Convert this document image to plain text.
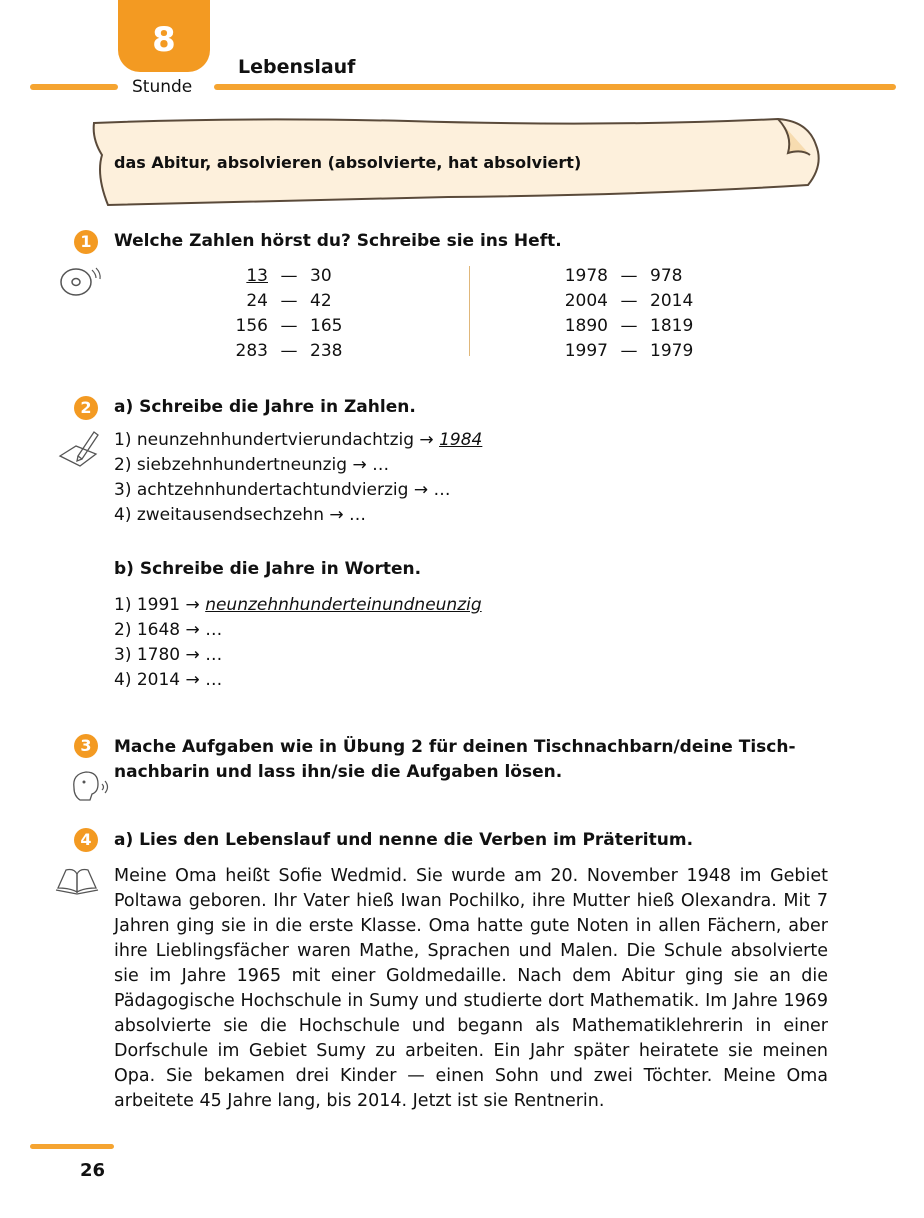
8
Stunde
Lebenslauf
das Abitur, absolvieren (absolvierte, hat absolviert)
1	Welche Zahlen hörst du? Schreibe sie ins Heft.
13 — 30
24 — 42
156 — 165
283 — 238
1978 — 978
2004 — 2014
1890 — 1819
1997 — 1979
2	a) Schreibe die Jahre in Zahlen.
1) neunzehnhundertvierundachtzig → 1984
2) siebzehnhundertneunzig → …
3) achtzehnhundertachtundvierzig → …
4) zweitausendsechzehn → …
b) Schreibe die Jahre in Worten.
1) 1991 → neunzehnhunderteinundneunzig
2) 1648 → …
3) 1780 → …
4) 2014 → …
3	Mache Aufgaben wie in Übung 2 für deinen Tischnachbarn/deine Tisch-
nachbarin und lass ihn/sie die Aufgaben lösen.
4	a) Lies den Lebenslauf und nenne die Verben im Präteritum.
Meine Oma heißt Sofie Wedmid. Sie wurde am 20. November 1948 im Gebiet Poltawa geboren. Ihr Vater hieß Iwan Pochilko, ihre Mutter hieß Olexandra. Mit 7 Jahren ging sie in die erste Klasse. Oma hatte gute Noten in allen Fächern, aber ihre Lieblingsfächer waren Mathe, Sprachen und Malen. Die Schule absolvierte sie im Jahre 1965 mit einer Goldmedaille. Nach dem Abitur ging sie an die Pädagogische Hochschule in Sumy und studierte dort Mathematik. Im Jahre 1969 absolvierte sie die Hochschule und begann als Mathematiklehrerin in einer Dorfschule im Gebiet Sumy zu arbeiten. Ein Jahr später heiratete sie meinen Opa. Sie bekamen drei Kinder — einen Sohn und zwei Töchter. Meine Oma arbeitete 45 Jahre lang, bis 2014. Jetzt ist sie Rentnerin.
26
